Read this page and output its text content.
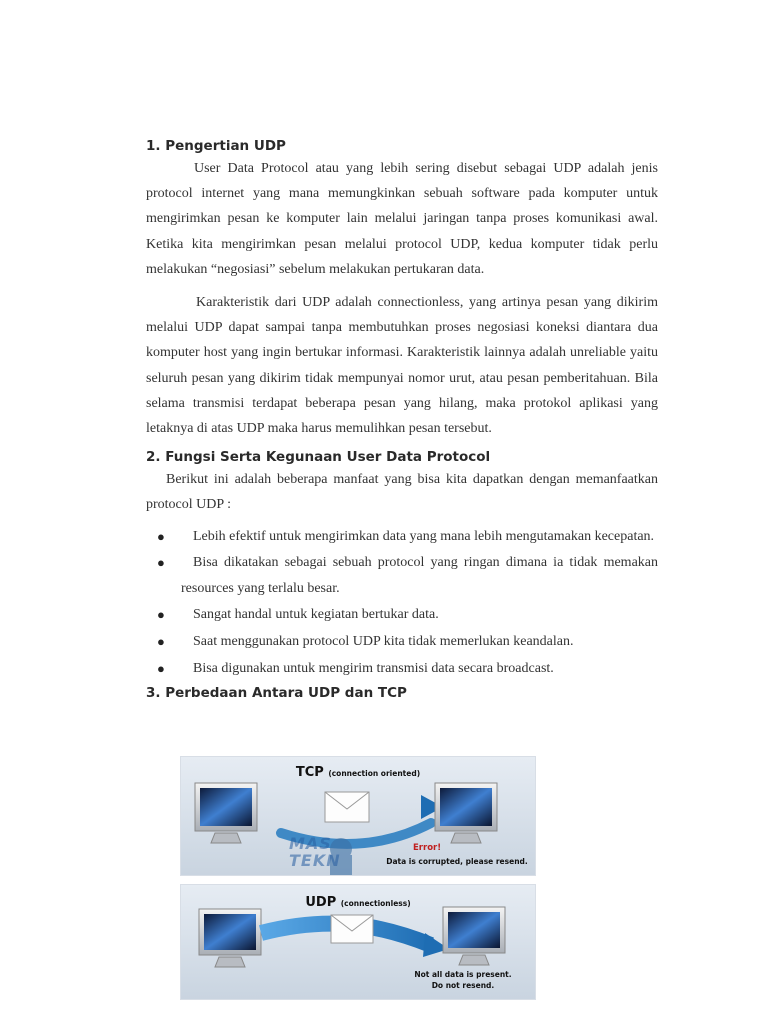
1. Pengertian UDP

User Data Protocol atau yang lebih sering disebut sebagai UDP adalah jenis protocol internet yang mana memungkinkan sebuah software pada komputer untuk mengirimkan pesan ke komputer lain melalui jaringan tanpa proses komunikasi awal. Ketika kita mengirimkan pesan melalui protocol UDP, kedua komputer tidak perlu melakukan “negosiasi” sebelum melakukan pertukaran data.

Karakteristik dari UDP adalah connectionless, yang artinya pesan yang dikirim melalui UDP dapat sampai tanpa membutuhkan proses negosiasi koneksi diantara dua komputer host yang ingin bertukar informasi. Karakteristik lainnya adalah unreliable yaitu seluruh pesan yang dikirim tidak mempunyai nomor urut, atau pesan pemberitahuan. Bila selama transmisi terdapat beberapa pesan yang hilang, maka protokol aplikasi yang letaknya di atas UDP maka harus memulihkan pesan tersebut.

2. Fungsi Serta Kegunaan User Data Protocol

Berikut ini adalah beberapa manfaat yang bisa kita dapatkan dengan memanfaatkan protocol UDP :

● Lebih efektif untuk mengirimkan data yang mana lebih mengutamakan kecepatan.
● Bisa dikatakan sebagai sebuah protocol yang ringan dimana ia tidak memakan resources yang terlalu besar.
● Sangat handal untuk kegiatan bertukar data.
● Saat menggunakan protocol UDP kita tidak memerlukan keandalan.
● Bisa digunakan untuk mengirim transmisi data secara broadcast.
3. Perbedaan Antara UDP dan TCP
TCP (connection oriented)
MAS
TEKN
Error!
Data is corrupted, please resend.
UDP (connectionless)
Not all data is present.
Do not resend.
